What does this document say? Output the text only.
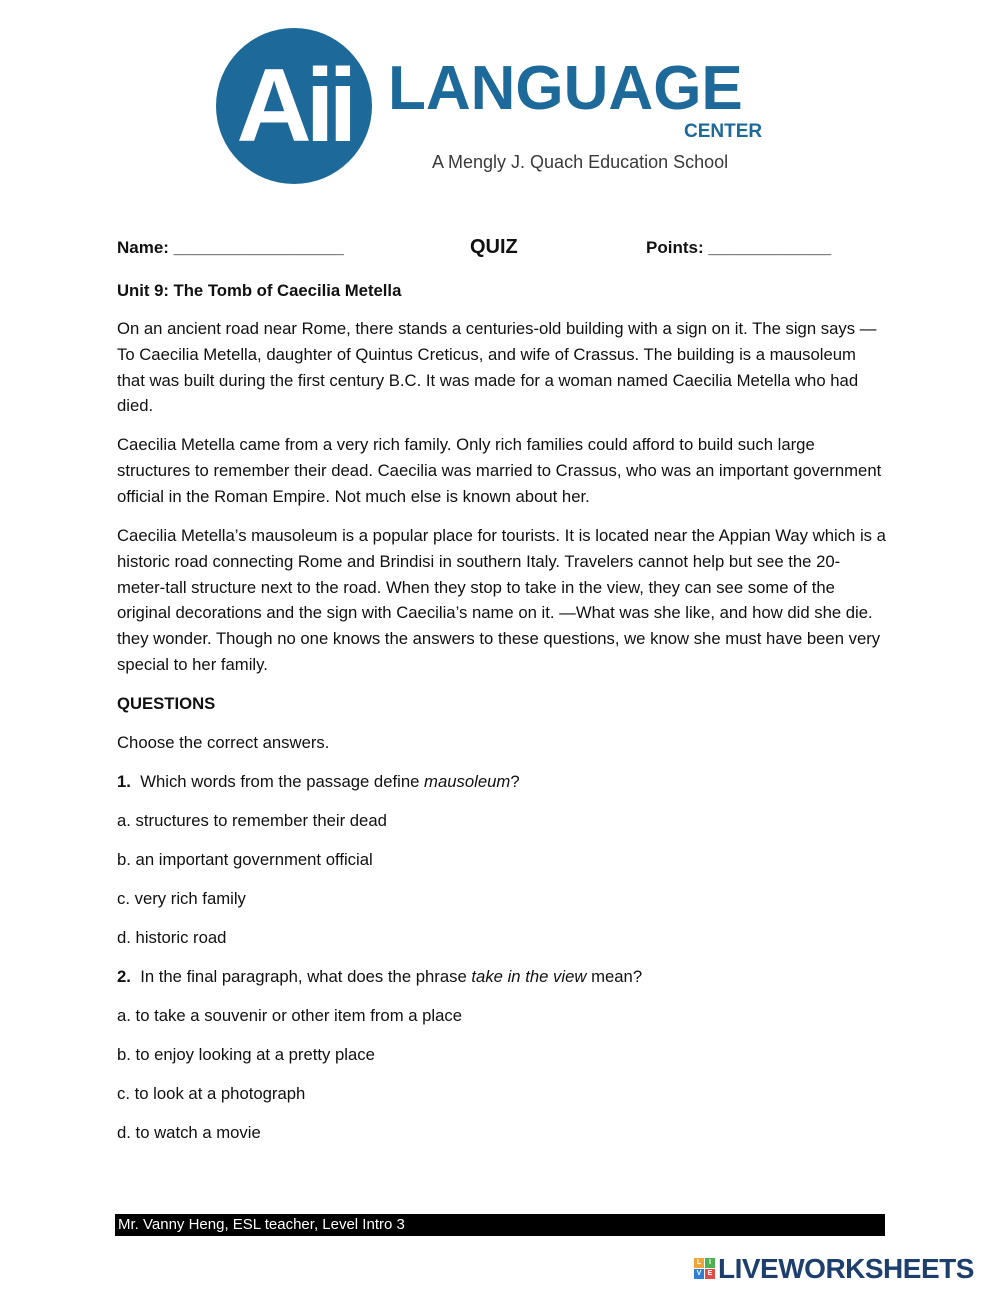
Aii LANGUAGE
CENTER
A Mengly J. Quach Education School
Name: __________________	QUIZ	Points: _____________
Unit 9: The Tomb of Caecilia Metella
On an ancient road near Rome, there stands a centuries-old building with a sign on it. The sign says —To Caecilia Metella, daughter of Quintus Creticus, and wife of Crassus. The building is a mausoleum that was built during the first century B.C. It was made for a woman named Caecilia Metella who had died.
Caecilia Metella came from a very rich family. Only rich families could afford to build such large structures to remember their dead. Caecilia was married to Crassus, who was an important government official in the Roman Empire. Not much else is known about her.
Caecilia Metella’s mausoleum is a popular place for tourists. It is located near the Appian Way which is a historic road connecting Rome and Brindisi in southern Italy. Travelers cannot help but see the 20-meter-tall structure next to the road. When they stop to take in the view, they can see some of the original decorations and the sign with Caecilia’s name on it. —What was she like, and how did she die. they wonder. Though no one knows the answers to these questions, we know she must have been very special to her family.
QUESTIONS
Choose the correct answers.
1. Which words from the passage define mausoleum?
a. structures to remember their dead
b. an important government official
c. very rich family
d. historic road
2. In the final paragraph, what does the phrase take in the view mean?
a. to take a souvenir or other item from a place
b. to enjoy looking at a pretty place
c. to look at a photograph
d. to watch a movie
Mr. Vanny Heng, ESL teacher, Level Intro 3
L	I
V E LIVEWORKSHEETS
